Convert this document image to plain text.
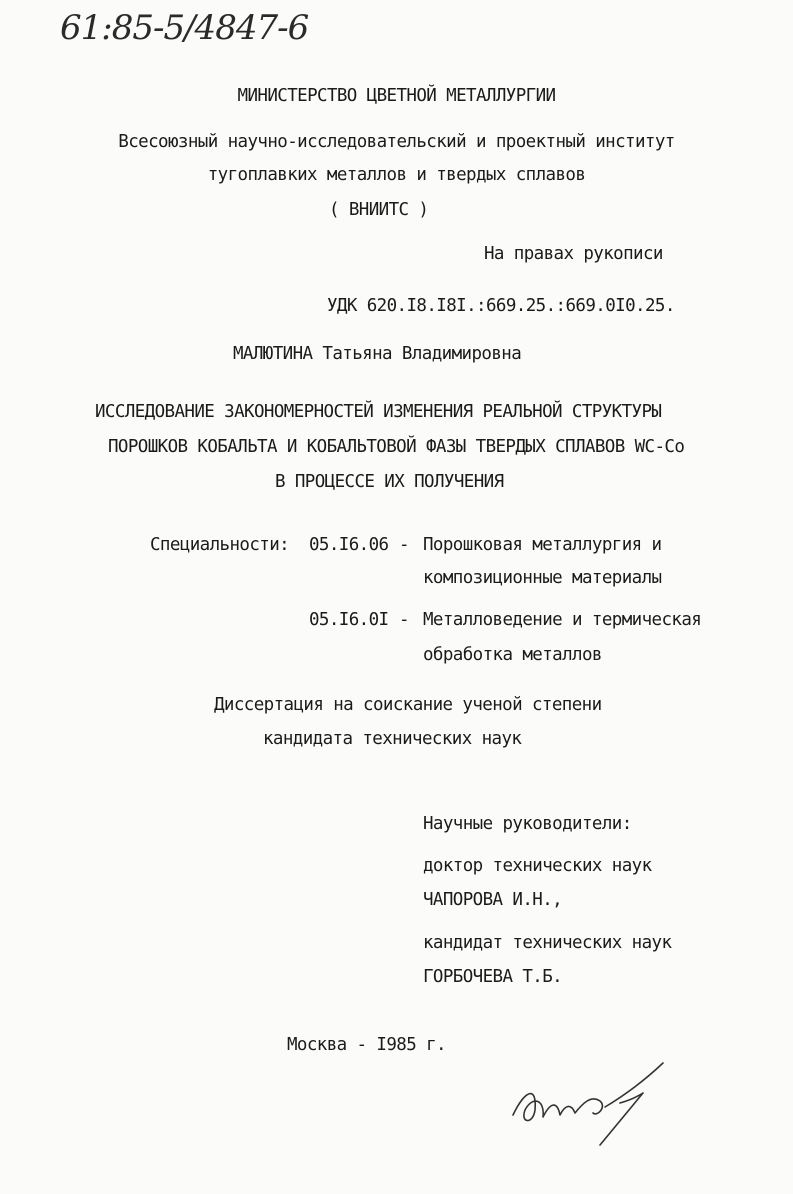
61:85-5/4847-6
МИНИСТЕРСТВО ЦВЕТНОЙ МЕТАЛЛУРГИИ
Всесоюзный научно-исследовательский и проектный институт
тугоплавких металлов и твердых сплавов
( ВНИИТС )
На правах рукописи
УДК 620.I8.I8I.:669.25.:669.0I0.25.
МАЛЮТИНА Татьяна Владимировна
ИССЛЕДОВАНИЕ ЗАКОНОМЕРНОСТЕЙ ИЗМЕНЕНИЯ РЕАЛЬНОЙ СТРУКТУРЫ
ПОРОШКОВ КОБАЛЬТА И КОБАЛЬТОВОЙ ФАЗЫ ТВЕРДЫХ СПЛАВОВ WC-Co
В ПРОЦЕССЕ ИХ ПОЛУЧЕНИЯ
Специальности: 05.I6.06 - Порошковая металлургия и
композиционные материалы
05.I6.0I - Металловедение и термическая
обработка металлов
Диссертация на соискание ученой степени
кандидата технических наук
Научные руководители:
доктор технических наук
ЧАПОРОВА И.Н.,
кандидат технических наук
ГОРБОЧЕВА Т.Б.
Москва - I985 г.
